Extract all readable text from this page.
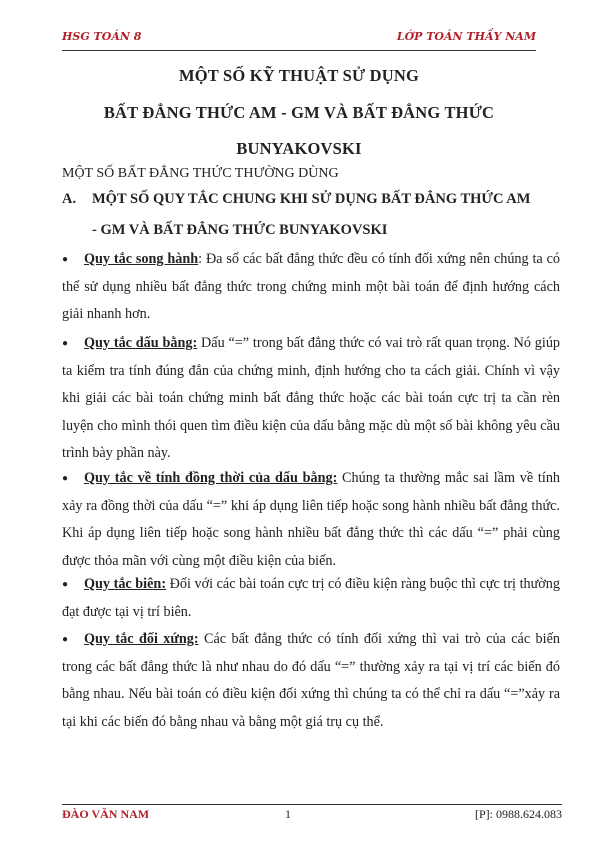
HSG TOÁN 8	LỚP TOÁN THẦY NAM
MỘT SỐ KỸ THUẬT SỬ DỤNG
BẤT ĐẲNG THỨC AM - GM VÀ BẤT ĐẲNG THỨC
BUNYAKOVSKI
MỘT SỐ BẤT ĐẲNG THỨC THƯỜNG DÙNG
A. MỘT SỐ QUY TẮC CHUNG KHI SỬ DỤNG BẤT ĐẲNG THỨC AM
- GM VÀ BẤT ĐẲNG THỨC BUNYAKOVSKI
● Quy tắc song hành: Đa số các bất đẳng thức đều có tính đối xứng nên chúng ta có thể sử dụng nhiều bất đẳng thức trong chứng minh một bài toán để định hướng cách giải nhanh hơn.
● Quy tắc dấu bằng: Dấu “=” trong bất đẳng thức có vai trò rất quan trọng. Nó giúp ta kiểm tra tính đúng đắn của chứng minh, định hướng cho ta cách giải. Chính vì vậy khi giải các bài toán chứng minh bất đẳng thức hoặc các bài toán cực trị ta cần rèn luyện cho mình thói quen tìm điều kiện của dấu bằng mặc dù một số bài không yêu cầu trình bày phần này.
● Quy tắc về tính đồng thời của dấu bằng: Chúng ta thường mắc sai lầm về tính xảy ra đồng thời của dấu “=” khi áp dụng liên tiếp hoặc song hành nhiều bất đẳng thức. Khi áp dụng liên tiếp hoặc song hành nhiều bất đẳng thức thì các dấu “=” phải cùng được thỏa mãn với cùng một điều kiện của biến.
● Quy tắc biên: Đối với các bài toán cực trị có điều kiện ràng buộc thì cực trị thường đạt được tại vị trí biên.
● Quy tắc đối xứng: Các bất đẳng thức có tính đối xứng thì vai trò của các biến trong các bất đẳng thức là như nhau do đó dấu “=” thường xảy ra tại vị trí các biến đó bằng nhau. Nếu bài toán có điều kiện đối xứng thì chúng ta có thể chỉ ra dấu “=”xảy ra tại khi các biến đó bằng nhau và bằng một giá trụ cụ thể.
ĐÀO VĂN NAM	1	[P]: 0988.624.083
